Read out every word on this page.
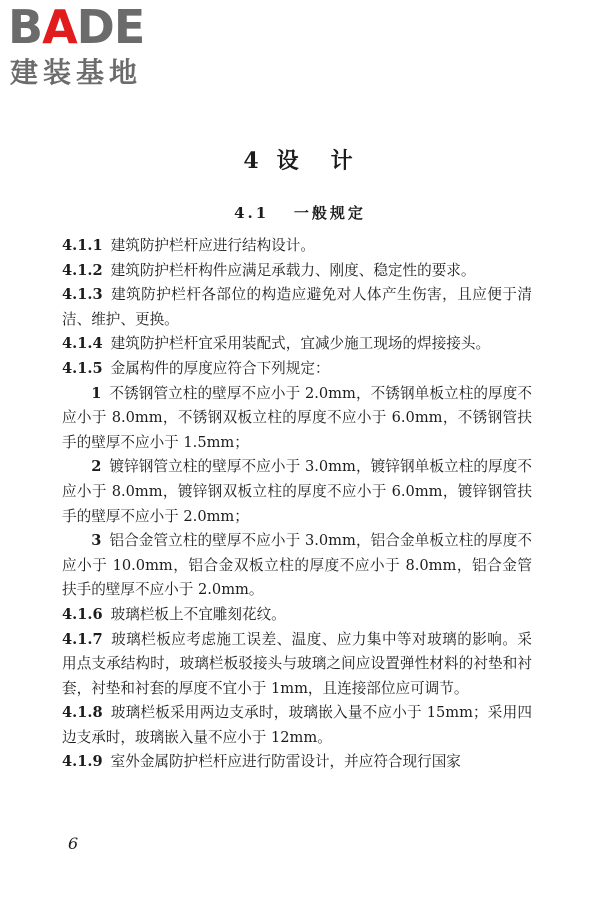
BADE
建装基地
4 设 计
4.1 一般规定

4.1.1 建筑防护栏杆应进行结构设计。

4.1.2 建筑防护栏杆构件应满足承载力、刚度、稳定性的要求。

4.1.3 建筑防护栏杆各部位的构造应避免对人体产生伤害，且应便于清洁、维护、更换。

4.1.4 建筑防护栏杆宜采用装配式，宜减少施工现场的焊接接头。

4.1.5 金属构件的厚度应符合下列规定：

1 不锈钢管立柱的壁厚不应小于 2.0mm，不锈钢单板立柱的厚度不应小于 8.0mm，不锈钢双板立柱的厚度不应小于 6.0mm，不锈钢管扶手的壁厚不应小于 1.5mm；

2 镀锌钢管立柱的壁厚不应小于 3.0mm，镀锌钢单板立柱的厚度不应小于 8.0mm，镀锌钢双板立柱的厚度不应小于 6.0mm，镀锌钢管扶手的壁厚不应小于 2.0mm；

3 铝合金管立柱的壁厚不应小于 3.0mm，铝合金单板立柱的厚度不应小于 10.0mm，铝合金双板立柱的厚度不应小于 8.0mm，铝合金管扶手的壁厚不应小于 2.0mm。

4.1.6 玻璃栏板上不宜雕刻花纹。

4.1.7 玻璃栏板应考虑施工误差、温度、应力集中等对玻璃的影响。采用点支承结构时，玻璃栏板驳接头与玻璃之间应设置弹性材料的衬垫和衬套，衬垫和衬套的厚度不宜小于 1mm，且连接部位应可调节。

4.1.8 玻璃栏板采用两边支承时，玻璃嵌入量不应小于 15mm；采用四边支承时，玻璃嵌入量不应小于 12mm。

4.1.9 室外金属防护栏杆应进行防雷设计，并应符合现行国家

6
